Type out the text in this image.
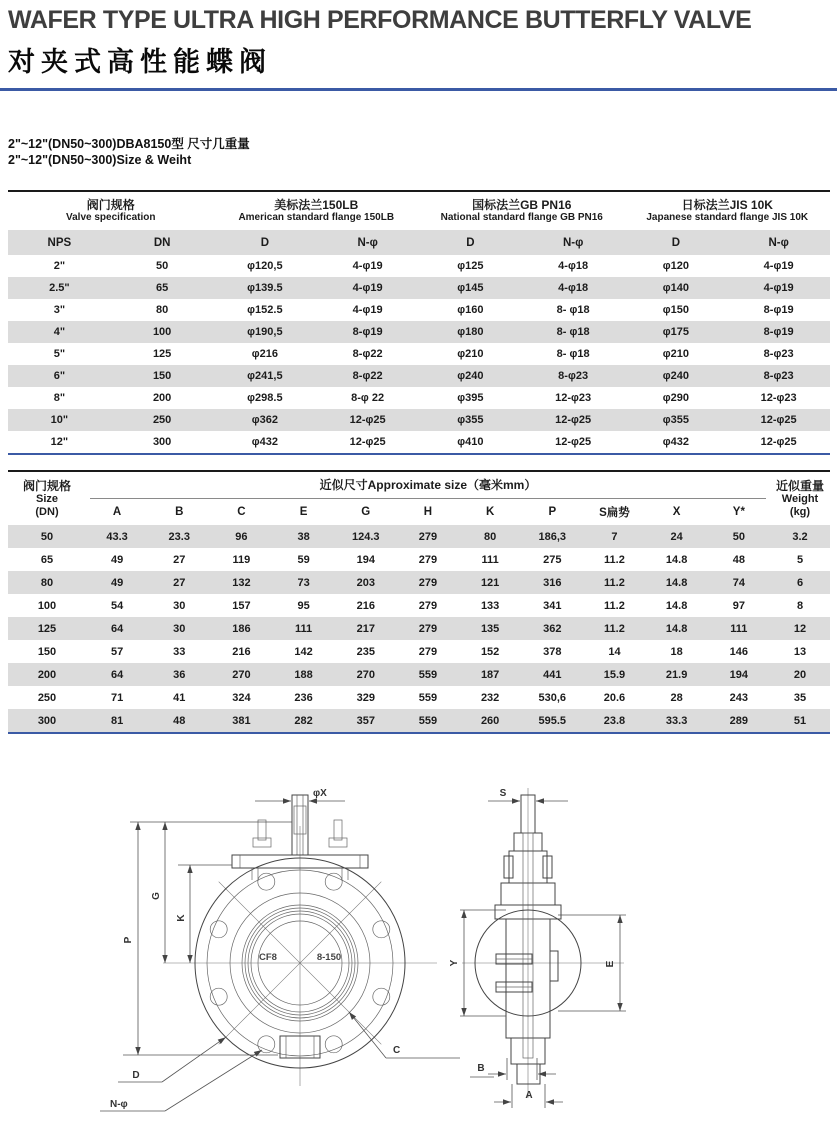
WAFER TYPE ULTRA HIGH PERFORMANCE BUTTERFLY VALVE
对夹式高性能蝶阀
2"~12"(DN50~300)DBA8150型 尺寸几重量
2"~12"(DN50~300)Size & Weiht
阀门规格
Valve specification

美标法兰150LB
American standard flange 150LB

国标法兰GB PN16
National standard flange GB PN16

日标法兰JIS 10K
Japanese standard flange JIS 10K

NPS	DN	D	N-φ	D	N-φ	D	N-φ
2"	50	φ120,5	4-φ19	φ125	4-φ18	φ120	4-φ19
2.5"	65	φ139.5	4-φ19	φ145	4-φ18	φ140	4-φ19
3"	80	φ152.5	4-φ19	φ160	8- φ18	φ150	8-φ19
4"	100	φ190,5	8-φ19	φ180	8- φ18	φ175	8-φ19
5"	125	φ216	8-φ22	φ210	8- φ18	φ210	8-φ23
6"	150	φ241,5	8-φ22	φ240	8-φ23	φ240	8-φ23
8"	200	φ298.5	8-φ 22	φ395	12-φ23	φ290	12-φ23
10"	250	φ362	12-φ25	φ355	12-φ25	φ355	12-φ25
12"	300	φ432	12-φ25	φ410	12-φ25	φ432	12-φ25
阀门规格
Size
(DN)

近似尺寸Approximate size（毫米mm）	近似重量
Weight
(kg)

	A	B	C	E	G	H	K	P	S扁势	X	Y*	
50	43.3	23.3	96	38	124.3	279	80	186,3	7	24	50	3.2
65	49	27	119	59	194	279	111	275	11.2	14.8	48	5
80	49	27	132	73	203	279	121	316	11.2	14.8	74	6
100	54	30	157	95	216	279	133	341	11.2	14.8	97	8
125	64	30	186	111	217	279	135	362	11.2	14.8	111	12
150	57	33	216	142	235	279	152	378	14	18	146	13
200	64	36	270	188	270	559	187	441	15.9	21.9	194	20
250	71	41	324	236	329	559	232	530,6	20.6	28	243	35
300	81	48	381	282	357	559	260	595.5	23.8	33.3	289	51
CF8	8-150
φX
P
G
K
C
D
N-φ
S
Y	E
B
A
